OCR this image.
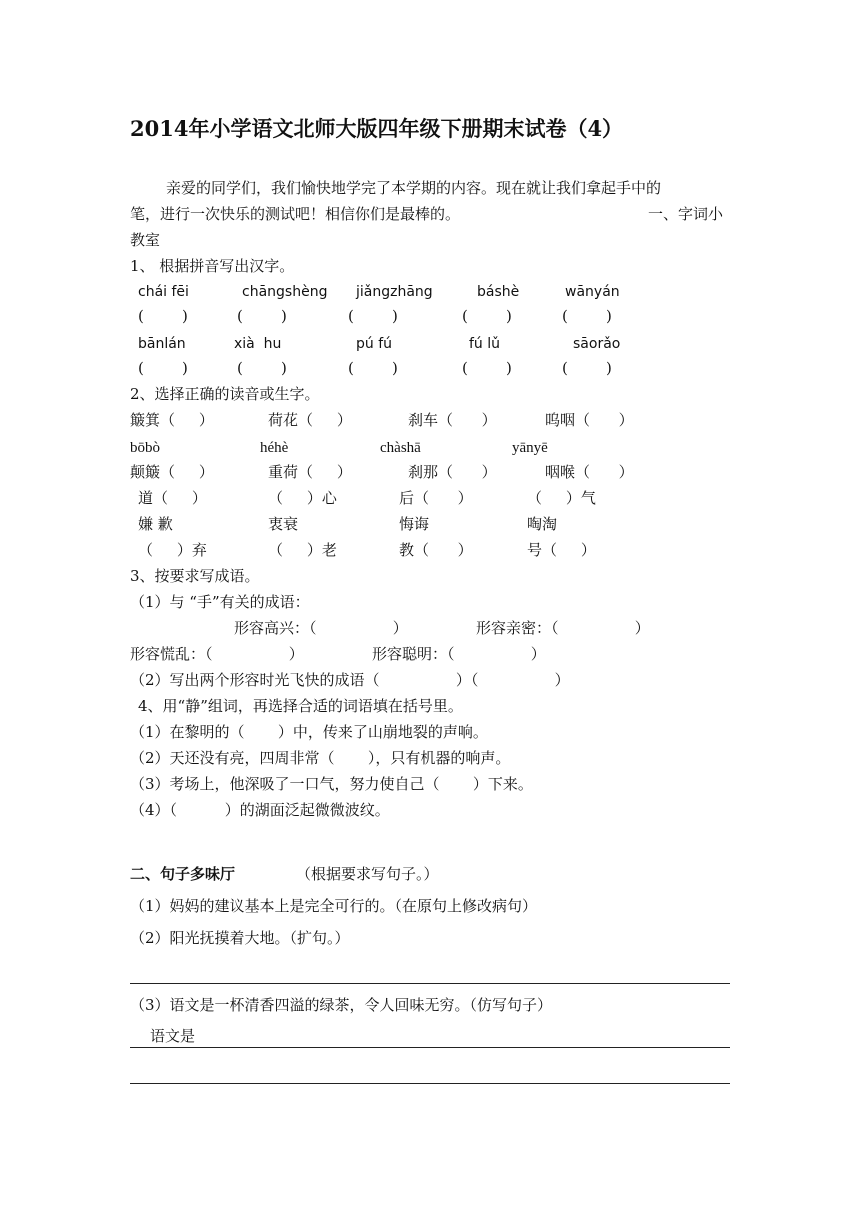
2014年小学语文北师大版四年级下册期末试卷（4）
亲爱的同学们，我们愉快地学完了本学期的内容。现在就让我们拿起手中的
笔，进行一次快乐的测试吧！相信你们是最棒的。	一、字词小
教室
1、 根据拼音写出汉字。
chái fēi	chāngshèng jiǎngzhāng	báshè	wānyán
(        )	(        )	(        )	(        )	(        )
bānlán	xià  hu	pú fú	fú lǔ	sāorǎo
(        )	(        )	(        )	(        )	(        )
2、选择正确的读音或生字。
簸箕（     ）	荷花（     ）	刹车（      ）	呜咽（      ）
bōbò	héhè	chàshā	yānyē
颠簸（     ）	重荷（     ）	刹那（      ）	咽喉（      ）
道（     ）	（     ）心	后（      ）	（     ）气
嫌 歉	衷衰	悔诲	啕淘
（     ）弃	（     ）老	教（      ）	号（     ）
3、按要求写成语。
（1）与 “手”有关的成语：
形容高兴：（                ）	形容亲密：（                ）
形容慌乱：（                ）	形容聪明：（                ）
（2）写出两个形容时光飞快的成语（                ）（                ）
4、用“静”组词，再选择合适的词语填在括号里。
（1）在黎明的（       ）中，传来了山崩地裂的声响。
（2）天还没有亮，四周非常（       ），只有机器的响声。
（3）考场上，他深吸了一口气，努力使自己（       ）下来。
（4）（          ）的湖面泛起微微波纹。
二、句子多味厅	（根据要求写句子。）
（1）妈妈的建议基本上是完全可行的。（在原句上修改病句）
（2）阳光抚摸着大地。（扩句。）
（3）语文是一杯清香四溢的绿茶，令人回味无穷。（仿写句子）
语文是
